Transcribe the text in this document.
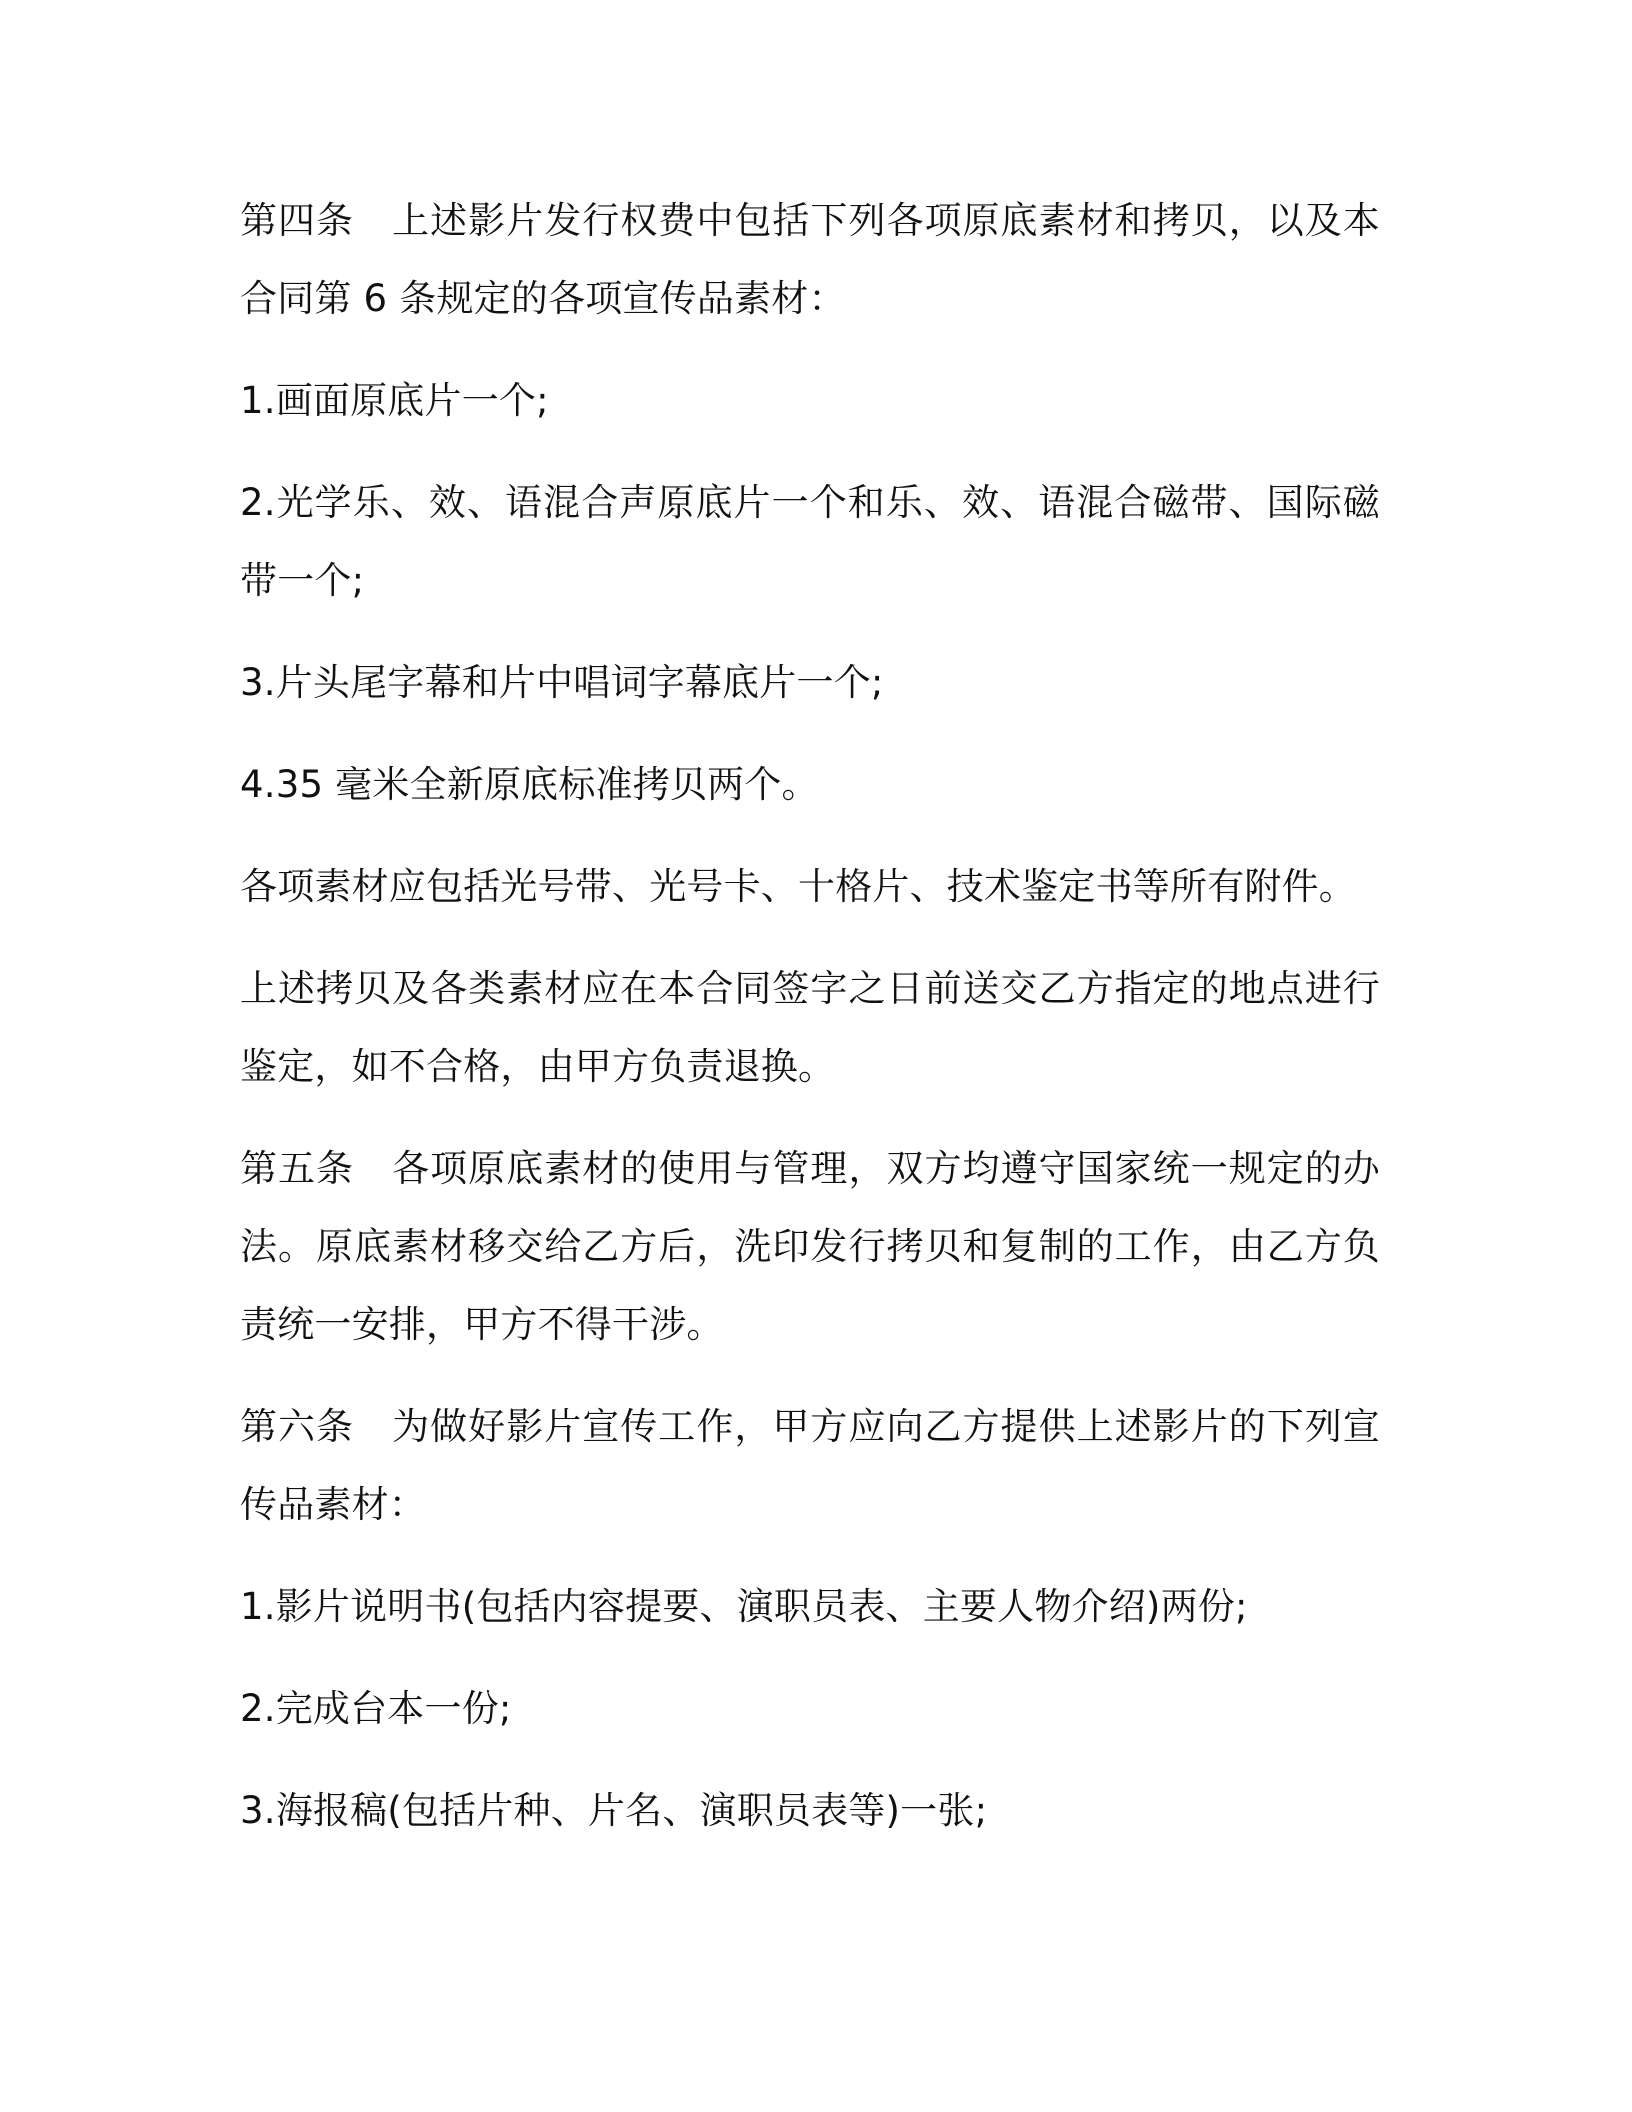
第四条　上述影片发行权费中包括下列各项原底素材和拷贝，以及本合同第 6 条规定的各项宣传品素材：

1.画面原底片一个;

2.光学乐、效、语混合声原底片一个和乐、效、语混合磁带、国际磁带一个;

3.片头尾字幕和片中唱词字幕底片一个;

4.35 毫米全新原底标准拷贝两个。

各项素材应包括光号带、光号卡、十格片、技术鉴定书等所有附件。

上述拷贝及各类素材应在本合同签字之日前送交乙方指定的地点进行鉴定，如不合格，由甲方负责退换。

第五条　各项原底素材的使用与管理，双方均遵守国家统一规定的办法。原底素材移交给乙方后，洗印发行拷贝和复制的工作，由乙方负责统一安排，甲方不得干涉。

第六条　为做好影片宣传工作，甲方应向乙方提供上述影片的下列宣传品素材：

1.影片说明书(包括内容提要、演职员表、主要人物介绍)两份;

2.完成台本一份;

3.海报稿(包括片种、片名、演职员表等)一张;
